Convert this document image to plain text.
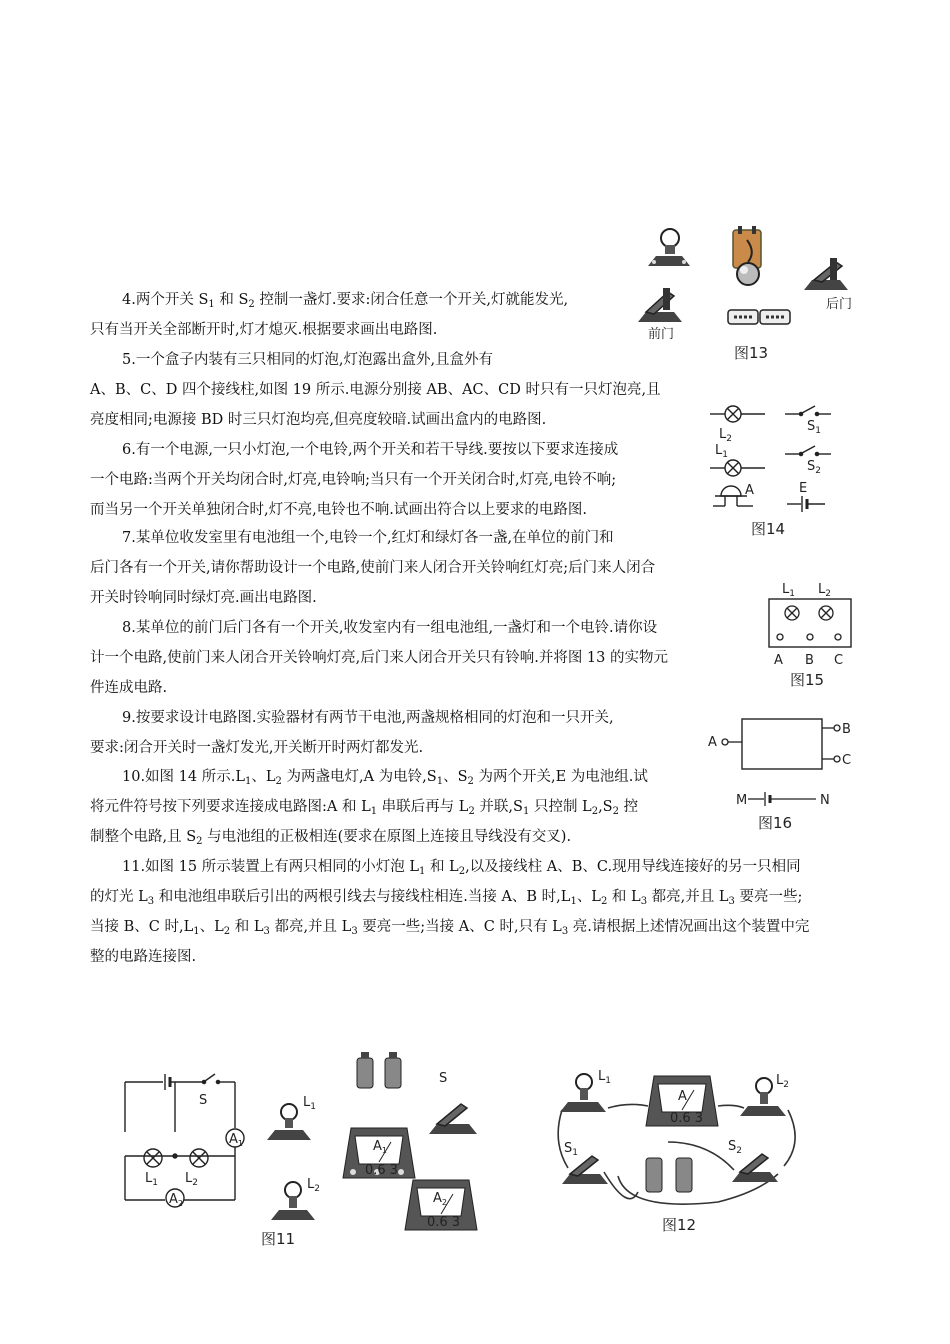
4.两个开关 $S_1$ 和 $S_2$ 控制一盏灯.要求:闭合任意一个开关,灯就能发光,
只有当开关全部断开时,灯才熄灭.根据要求画出电路图.

5.一个盒子内装有三只相同的灯泡,灯泡露出盒外,且盒外有
A、B、C、D 四个接线柱,如图 19 所示.电源分别接 AB、AC、CD 时只有一只灯泡亮,且
亮度相同;电源接 BD 时三只灯泡均亮,但亮度较暗.试画出盒内的电路图.

6.有一个电源,一只小灯泡,一个电铃,两个开关和若干导线.要按以下要求连接成
一个电路:当两个开关均闭合时,灯亮,电铃响;当只有一个开关闭合时,灯亮,电铃不响;
而当另一个开关单独闭合时,灯不亮,电铃也不响.试画出符合以上要求的电路图.

7.某单位收发室里有电池组一个,电铃一个,红灯和绿灯各一盏,在单位的前门和
后门各有一个开关,请你帮助设计一个电路,使前门来人闭合开关铃响红灯亮;后门来人闭合
开关时铃响同时绿灯亮.画出电路图.

8.某单位的前门后门各有一个开关,收发室内有一组电池组,一盏灯和一个电铃.请你设
计一个电路,使前门来人闭合开关铃响灯亮,后门来人闭合开关只有铃响.并将图 13 的实物元
件连成电路.

9.按要求设计电路图.实验器材有两节干电池,两盏规格相同的灯泡和一只开关,
要求:闭合开关时一盏灯发光,开关断开时两灯都发光.

10.如图 14 所示$.L_1$、$L_2$ 为两盏电灯,A 为电铃$,S_1$、$S_2$ 为两个开关,E 为电池组.试
将元件符号按下列要求连接成电路图:A 和 $L_1$ 串联后再与 $L_2$ 并联$,S_1$ 只控制 $L_2,S_2$ 控
制整个电路,且 $S_2$ 与电池组的正极相连(要求在原图上连接且导线没有交叉).

11.如图 15 所示装置上有两只相同的小灯泡 $L_1$ 和 $L_2$,以及接线柱 A、B、C.现用导线连接好的另一只相同
的灯光 $L_3$ 和电池组串联后引出的两根引线去与接线柱相连.当接 A、B 时$,L_1$、$L_2$ 和 $L_3$ 都亮,并且 $L_3$ 要亮一些;
当接 B、C 时$,L_1$、$L_2$ 和 $L_3$ 都亮,并且 $L_3$ 要亮一些;当接 A、C 时,只有 $L_3$ 亮.请根据上述情况画出这个装置中完
整的电路连接图.

后门
前门
图13
$L_2$
$L_1$
$S_1$
$S_2$
A	E
图14
$L_1$ $L_2$
A B C
图15
A
B
C
M	N
图16
S
$A_1$
$A_2$
$L_1$ $L_2$
$L_1$
S
$A_1$
0.6 3
$A_2$
0.6 3
$L_2$
图11
$L_1$
A
0.6 3
$L_2$
$S_1$	$S_2$
图12
